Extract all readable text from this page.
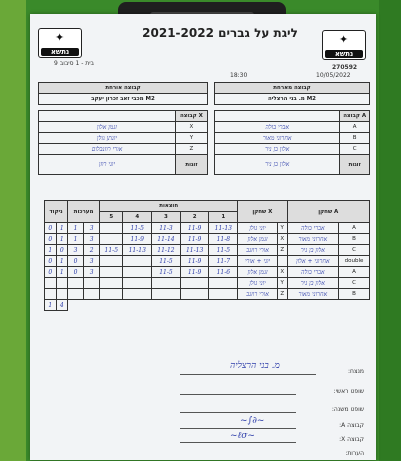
✦
נתשא
✦
נתשא
ליגת על גברים 2021-2022
בית - 1 סיבוב 9
270592
18:30	10/05/2022
קבוצה אורחת
מכבי זאב זכרון יעקב M2
קבוצה מארחת
מ. בני הרצליה M2
	קבוצה X
זגמן אלון	X
יונתן גולן	Y
אורי רוזנבלום	Z
יוני רוזן	זוגות
	קבוצה A
אברי בולה	A
אחרוני מאור	B
אלון בן ניר	C
אלון בן ניר	זוגות
ניקוד		מערכות		חוצאות					שחקן X		שחקן A	
				5	4	3	2	1				
0	1	1	3		11-5	11-3	11-9	11-13	יוני גולן	Y	אברי בולה	A
0	1	1	3		11-9	11-14	11-9	11-8	זגמן אלון	X	אחרוני מאור	B
1	0	3	2	11-5	11-13	11-12	11-13	11-5	אורי רוזנב	Z	אלון בן ניר	C
0	1	0	3			11-5	11-9	11-7	יוני + אורי		אחרוני + אלון	double
0	1	0	3			11-5	11-9	11-6	זגמן אלון	X	אברי בולה	A
									יוני גולן	Y	אלון בן ניר	C
									אורי רוזנב	Z	אחרוני מאור	B
1	4											
מנצח:
מ. בני הרצליה
שופט ראשי:
שופט משנה:
קבוצה A:
~∫∂~
קבוצה X:
~ℓσ~
הערות:
